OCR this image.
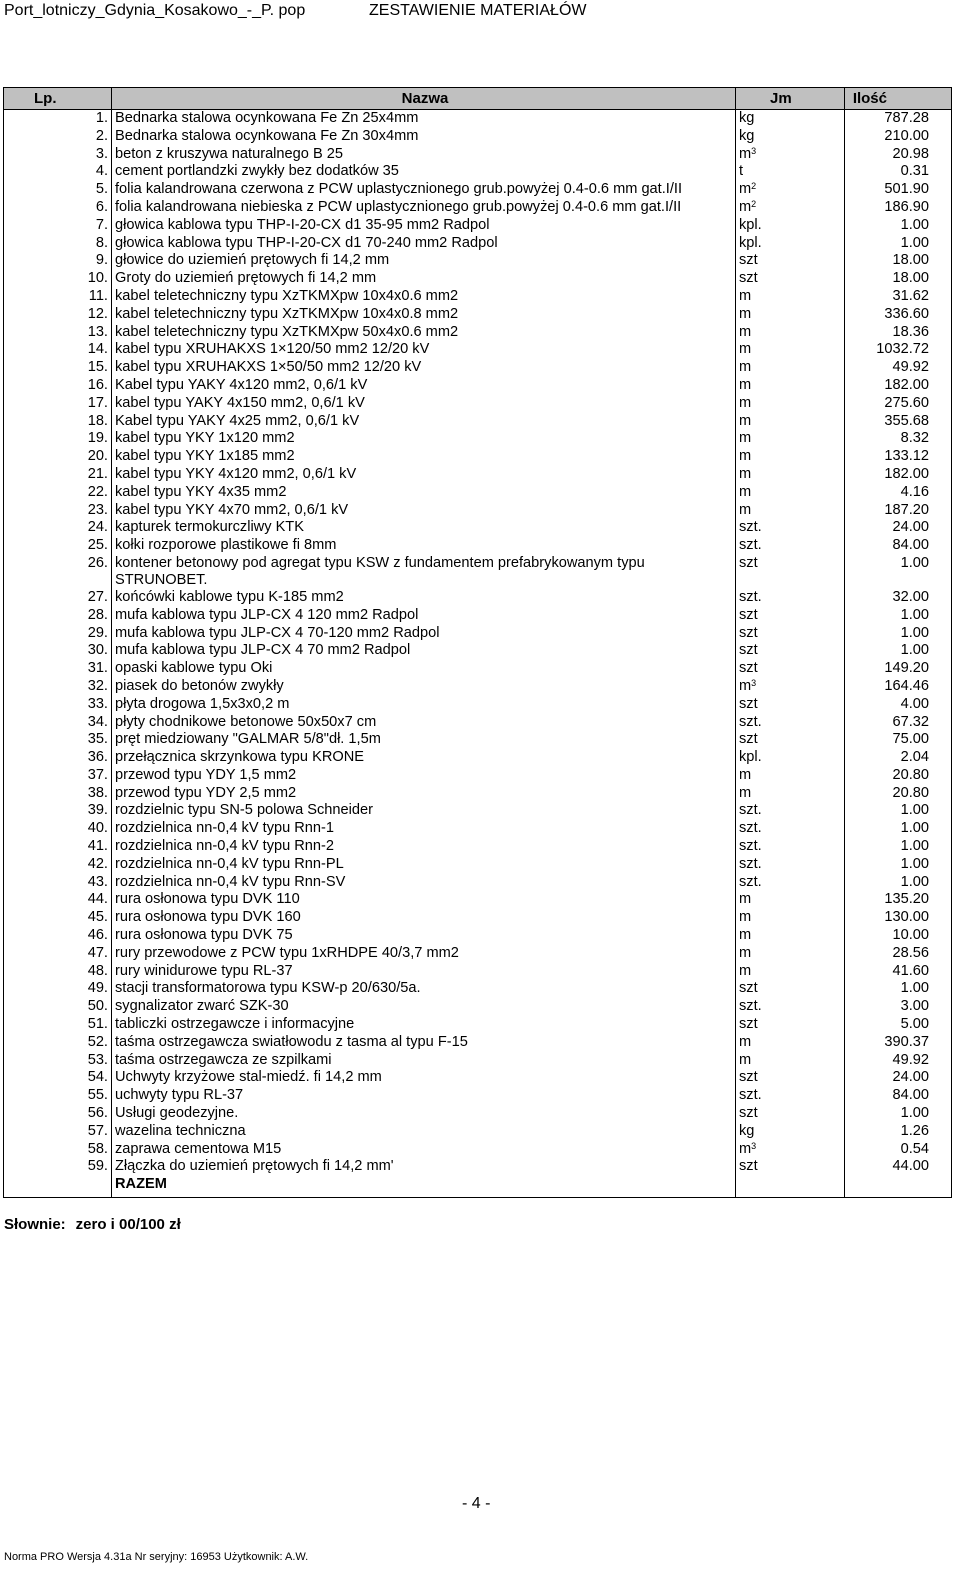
Port_lotniczy_Gdynia_Kosakowo_-_P. pop	ZESTAWIENIE MATERIAŁÓW
Lp.	Nazwa	Jm	Ilość
1.	Bednarka stalowa ocynkowana Fe Zn 25x4mm	kg	787.28
2.	Bednarka stalowa ocynkowana Fe Zn 30x4mm	kg	210.00
3.	beton z kruszywa naturalnego B 25	$m^3$	20.98
4.	cement portlandzki zwykły bez dodatków 35	t	0.31
5.	folia kalandrowana czerwona z PCW uplastycznionego grub.powyżej 0.4-0.6 mm gat.I/II	$m^2$	501.90
6.	folia kalandrowana niebieska z PCW uplastycznionego grub.powyżej 0.4-0.6 mm gat.I/II	$m^2$	186.90
7.	głowica kablowa typu THP-I-20-CX d1 35-95 mm2 Radpol	kpl.	1.00
8.	głowica kablowa typu THP-I-20-CX d1 70-240 mm2 Radpol	kpl.	1.00
9.	głowice do uziemień prętowych fi 14,2 mm	szt	18.00
10.	Groty do uziemień prętowych fi 14,2 mm	szt	18.00
11.	kabel teletechniczny typu XzTKMXpw 10x4x0.6 mm2	m	31.62
12.	kabel teletechniczny typu XzTKMXpw 10x4x0.8 mm2	m	336.60
13.	kabel teletechniczny typu XzTKMXpw 50x4x0.6 mm2	m	18.36
14.	kabel typu XRUHAKXS 1×120/50 mm2 12/20 kV	m	1032.72
15.	kabel typu XRUHAKXS 1×50/50 mm2 12/20 kV	m	49.92
16.	Kabel typu YAKY 4x120 mm2, 0,6/1 kV	m	182.00
17.	kabel typu YAKY 4x150 mm2, 0,6/1 kV	m	275.60
18.	Kabel typu YAKY 4x25 mm2, 0,6/1 kV	m	355.68
19.	kabel typu YKY 1x120 mm2	m	8.32
20.	kabel typu YKY 1x185 mm2	m	133.12
21.	kabel typu YKY 4x120 mm2, 0,6/1 kV	m	182.00
22.	kabel typu YKY 4x35 mm2	m	4.16
23.	kabel typu YKY 4x70 mm2, 0,6/1 kV	m	187.20
24.	kapturek termokurczliwy KTK	szt.	24.00
25.	kołki rozporowe plastikowe fi 8mm	szt.	84.00
26.	kontener betonowy pod agregat typu KSW z fundamentem prefabrykowanym typu
STRUNOBET.	szt	1.00
27.	końcówki kablowe typu K-185 mm2	szt.	32.00
28.	mufa kablowa typu JLP-CX 4 120 mm2 Radpol	szt	1.00
29.	mufa kablowa typu JLP-CX 4 70-120 mm2 Radpol	szt	1.00
30.	mufa kablowa typu JLP-CX 4 70 mm2 Radpol	szt	1.00
31.	opaski kablowe typu Oki	szt	149.20
32.	piasek do betonów zwykły	$m^3$	164.46
33.	płyta drogowa 1,5x3x0,2 m	szt	4.00
34.	płyty chodnikowe betonowe 50x50x7 cm	szt.	67.32
35.	pręt miedziowany "GALMAR 5/8"dł. 1,5m	szt	75.00
36.	przełącznica skrzynkowa typu KRONE	kpl.	2.04
37.	przewod typu YDY 1,5 mm2	m	20.80
38.	przewod typu YDY 2,5 mm2	m	20.80
39.	rozdzielnic typu SN-5 polowa Schneider	szt.	1.00
40.	rozdzielnica nn-0,4 kV typu Rnn-1	szt.	1.00
41.	rozdzielnica nn-0,4 kV typu Rnn-2	szt.	1.00
42.	rozdzielnica nn-0,4 kV typu Rnn-PL	szt.	1.00
43.	rozdzielnica nn-0,4 kV typu Rnn-SV	szt.	1.00
44.	rura osłonowa typu DVK 110	m	135.20
45.	rura osłonowa typu DVK 160	m	130.00
46.	rura osłonowa typu DVK 75	m	10.00
47.	rury przewodowe z PCW typu 1xRHDPE 40/3,7 mm2	m	28.56
48.	rury winidurowe typu RL-37	m	41.60
49.	stacji transformatorowa typu KSW-p 20/630/5a.	szt	1.00
50.	sygnalizator zwarć SZK-30	szt.	3.00
51.	tabliczki ostrzegawcze i informacyjne	szt	5.00
52.	taśma ostrzegawcza swiatłowodu z tasma al typu F-15	m	390.37
53.	taśma ostrzegawcza ze szpilkami	m	49.92
54.	Uchwyty krzyżowe stal-miedź. fi 14,2 mm	szt	24.00
55.	uchwyty typu RL-37	szt.	84.00
56.	Usługi geodezyjne.	szt	1.00
57.	wazelina techniczna	kg	1.26
58.	zaprawa cementowa M15	$m^3$	0.54
59.	Złączka do uziemień prętowych fi 14,2 mm'	szt	44.00
	RAZEM		
Słownie: zero i 00/100 zł
- 4 -
Norma PRO Wersja 4.31a Nr seryjny: 16953 Użytkownik: A.W.
